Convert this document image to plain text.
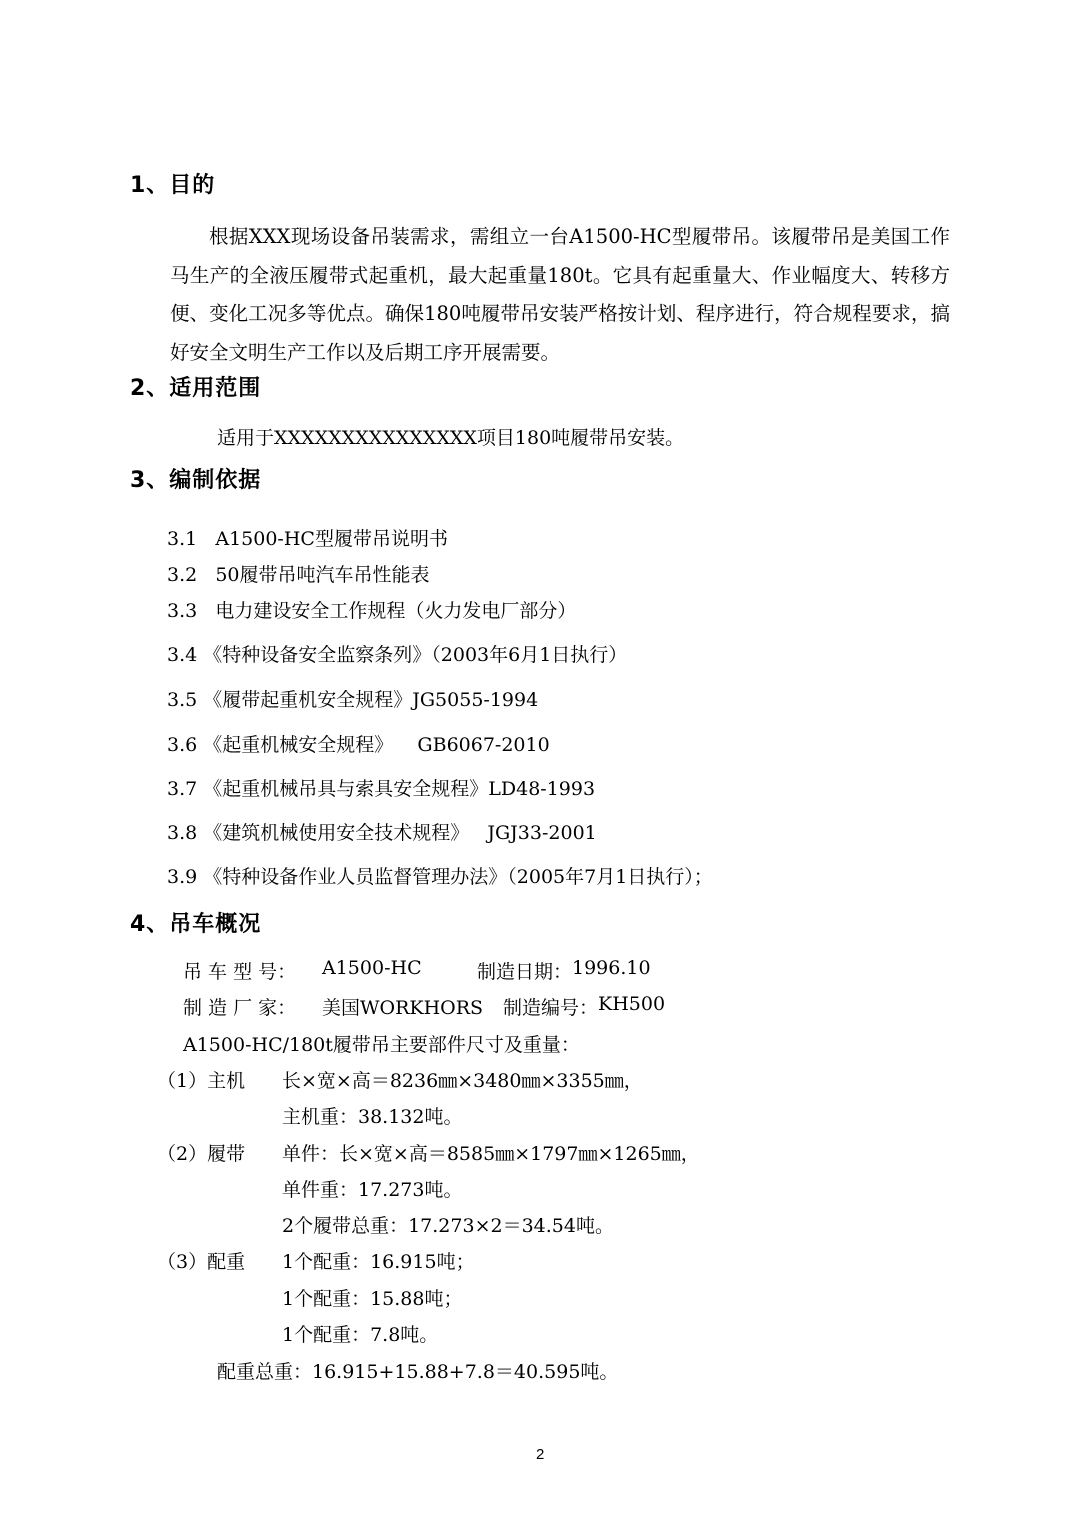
1、目的
根据XXX现场设备吊装需求，需组立一台A1500-HC型履带吊。该履带吊是美国工作马生产的全液压履带式起重机，最大起重量180t。它具有起重量大、作业幅度大、转移方便、变化工况多等优点。确保180吨履带吊安装严格按计划、程序进行，符合规程要求，搞好安全文明生产工作以及后期工序开展需要。
2、适用范围
适用于XXXXXXXXXXXXXXX项目180吨履带吊安装。
3、编制依据
3.1 A1500-HC型履带吊说明书
3.2 50履带吊吨汽车吊性能表
3.3 电力建设安全工作规程（火力发电厂部分）
3.4 《特种设备安全监察条列》（2003年6月1日执行）
3.5 《履带起重机安全规程》JG5055-1994
3.6 《起重机械安全规程》    GB6067-2010
3.7 《起重机械吊具与索具安全规程》LD48-1993
3.8 《建筑机械使用安全技术规程》   JGJ33-2001
3.9 《特种设备作业人员监督管理办法》（2005年7月1日执行）；
4、吊车概况
吊 车 型 号： A1500-HC	制造日期： 1996.10
制 造 厂 家： 美国WORKHORS 制造编号： KH500
A1500-HC/180t履带吊主要部件尺寸及重量：
（1）主机 长×宽×高＝8236㎜×3480㎜×3355㎜，
主机重：38.132吨。
（2）履带 单件：长×宽×高＝8585㎜×1797㎜×1265㎜，
单件重：17.273吨。
2个履带总重：17.273×2＝34.54吨。
（3）配重 1个配重：16.915吨；
1个配重：15.88吨；
1个配重：7.8吨。
配重总重：16.915+15.88+7.8＝40.595吨。
2
